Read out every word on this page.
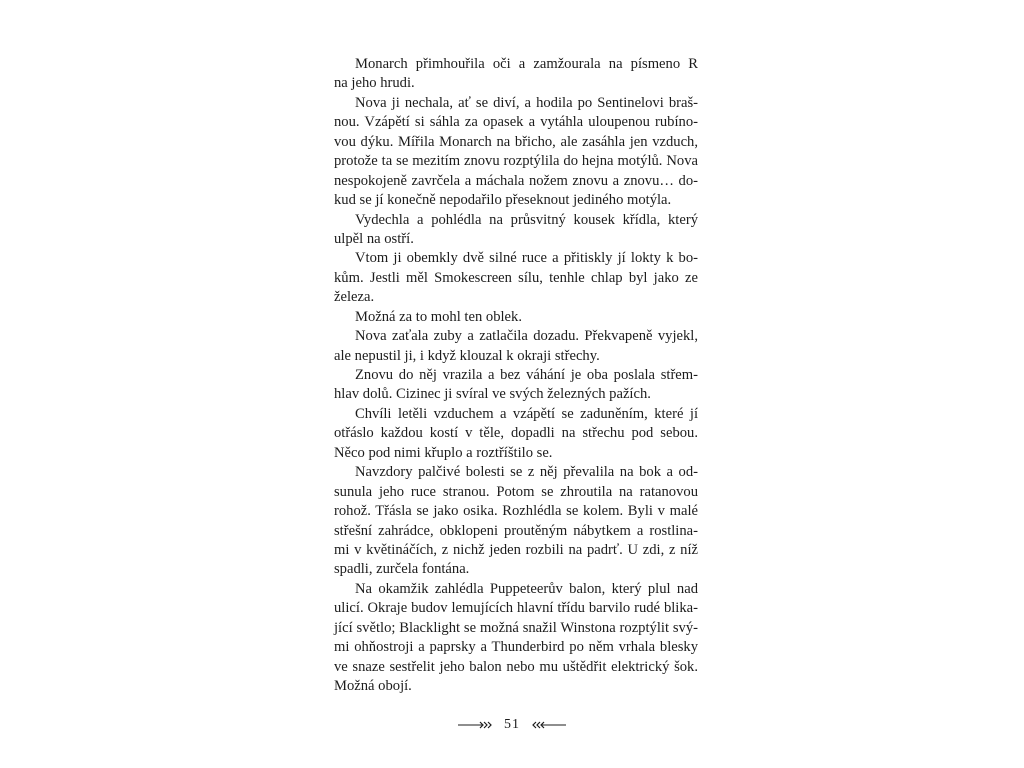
Monarch přimhouřila oči a zamžourala na písmeno R
na jeho hrudi.
Nova ji nechala, ať se diví, a hodila po Sentinelovi braš-
nou. Vzápětí si sáhla za opasek a vytáhla uloupenou rubíno-
vou dýku. Mířila Monarch na břicho, ale zasáhla jen vzduch,
protože ta se mezitím znovu rozptýlila do hejna motýlů. Nova
nespokojeně zavrčela a máchala nožem znovu a znovu… do-
kud se jí konečně nepodařilo přeseknout jediného motýla.
Vydechla a pohlédla na průsvitný kousek křídla, který
ulpěl na ostří.
Vtom ji obemkly dvě silné ruce a přitiskly jí lokty k bo-
kům. Jestli měl Smokescreen sílu, tenhle chlap byl jako ze
železa.
Možná za to mohl ten oblek.
Nova zaťala zuby a zatlačila dozadu. Překvapeně vyjekl,
ale nepustil ji, i když klouzal k okraji střechy.
Znovu do něj vrazila a bez váhání je oba poslala střem-
hlav dolů. Cizinec ji svíral ve svých železných pažích.
Chvíli letěli vzduchem a vzápětí se zaduněním, které jí
otřáslo každou kostí v těle, dopadli na střechu pod sebou.
Něco pod nimi křuplo a roztříštilo se.
Navzdory palčivé bolesti se z něj převalila na bok a od-
sunula jeho ruce stranou. Potom se zhroutila na ratanovou
rohož. Třásla se jako osika. Rozhlédla se kolem. Byli v malé
střešní zahrádce, obklopeni proutěným nábytkem a rostlina-
mi v květináčích, z nichž jeden rozbili na padrť. U zdi, z níž
spadli, zurčela fontána.
Na okamžik zahlédla Puppeteerův balon, který plul nad
ulicí. Okraje budov lemujících hlavní třídu barvilo rudé blika-
jící světlo; Blacklight se možná snažil Winstona rozptýlit svý-
mi ohňostroji a paprsky a Thunderbird po něm vrhala blesky
ve snaze sestřelit jeho balon nebo mu uštědřit elektrický šok.
Možná obojí.
51
